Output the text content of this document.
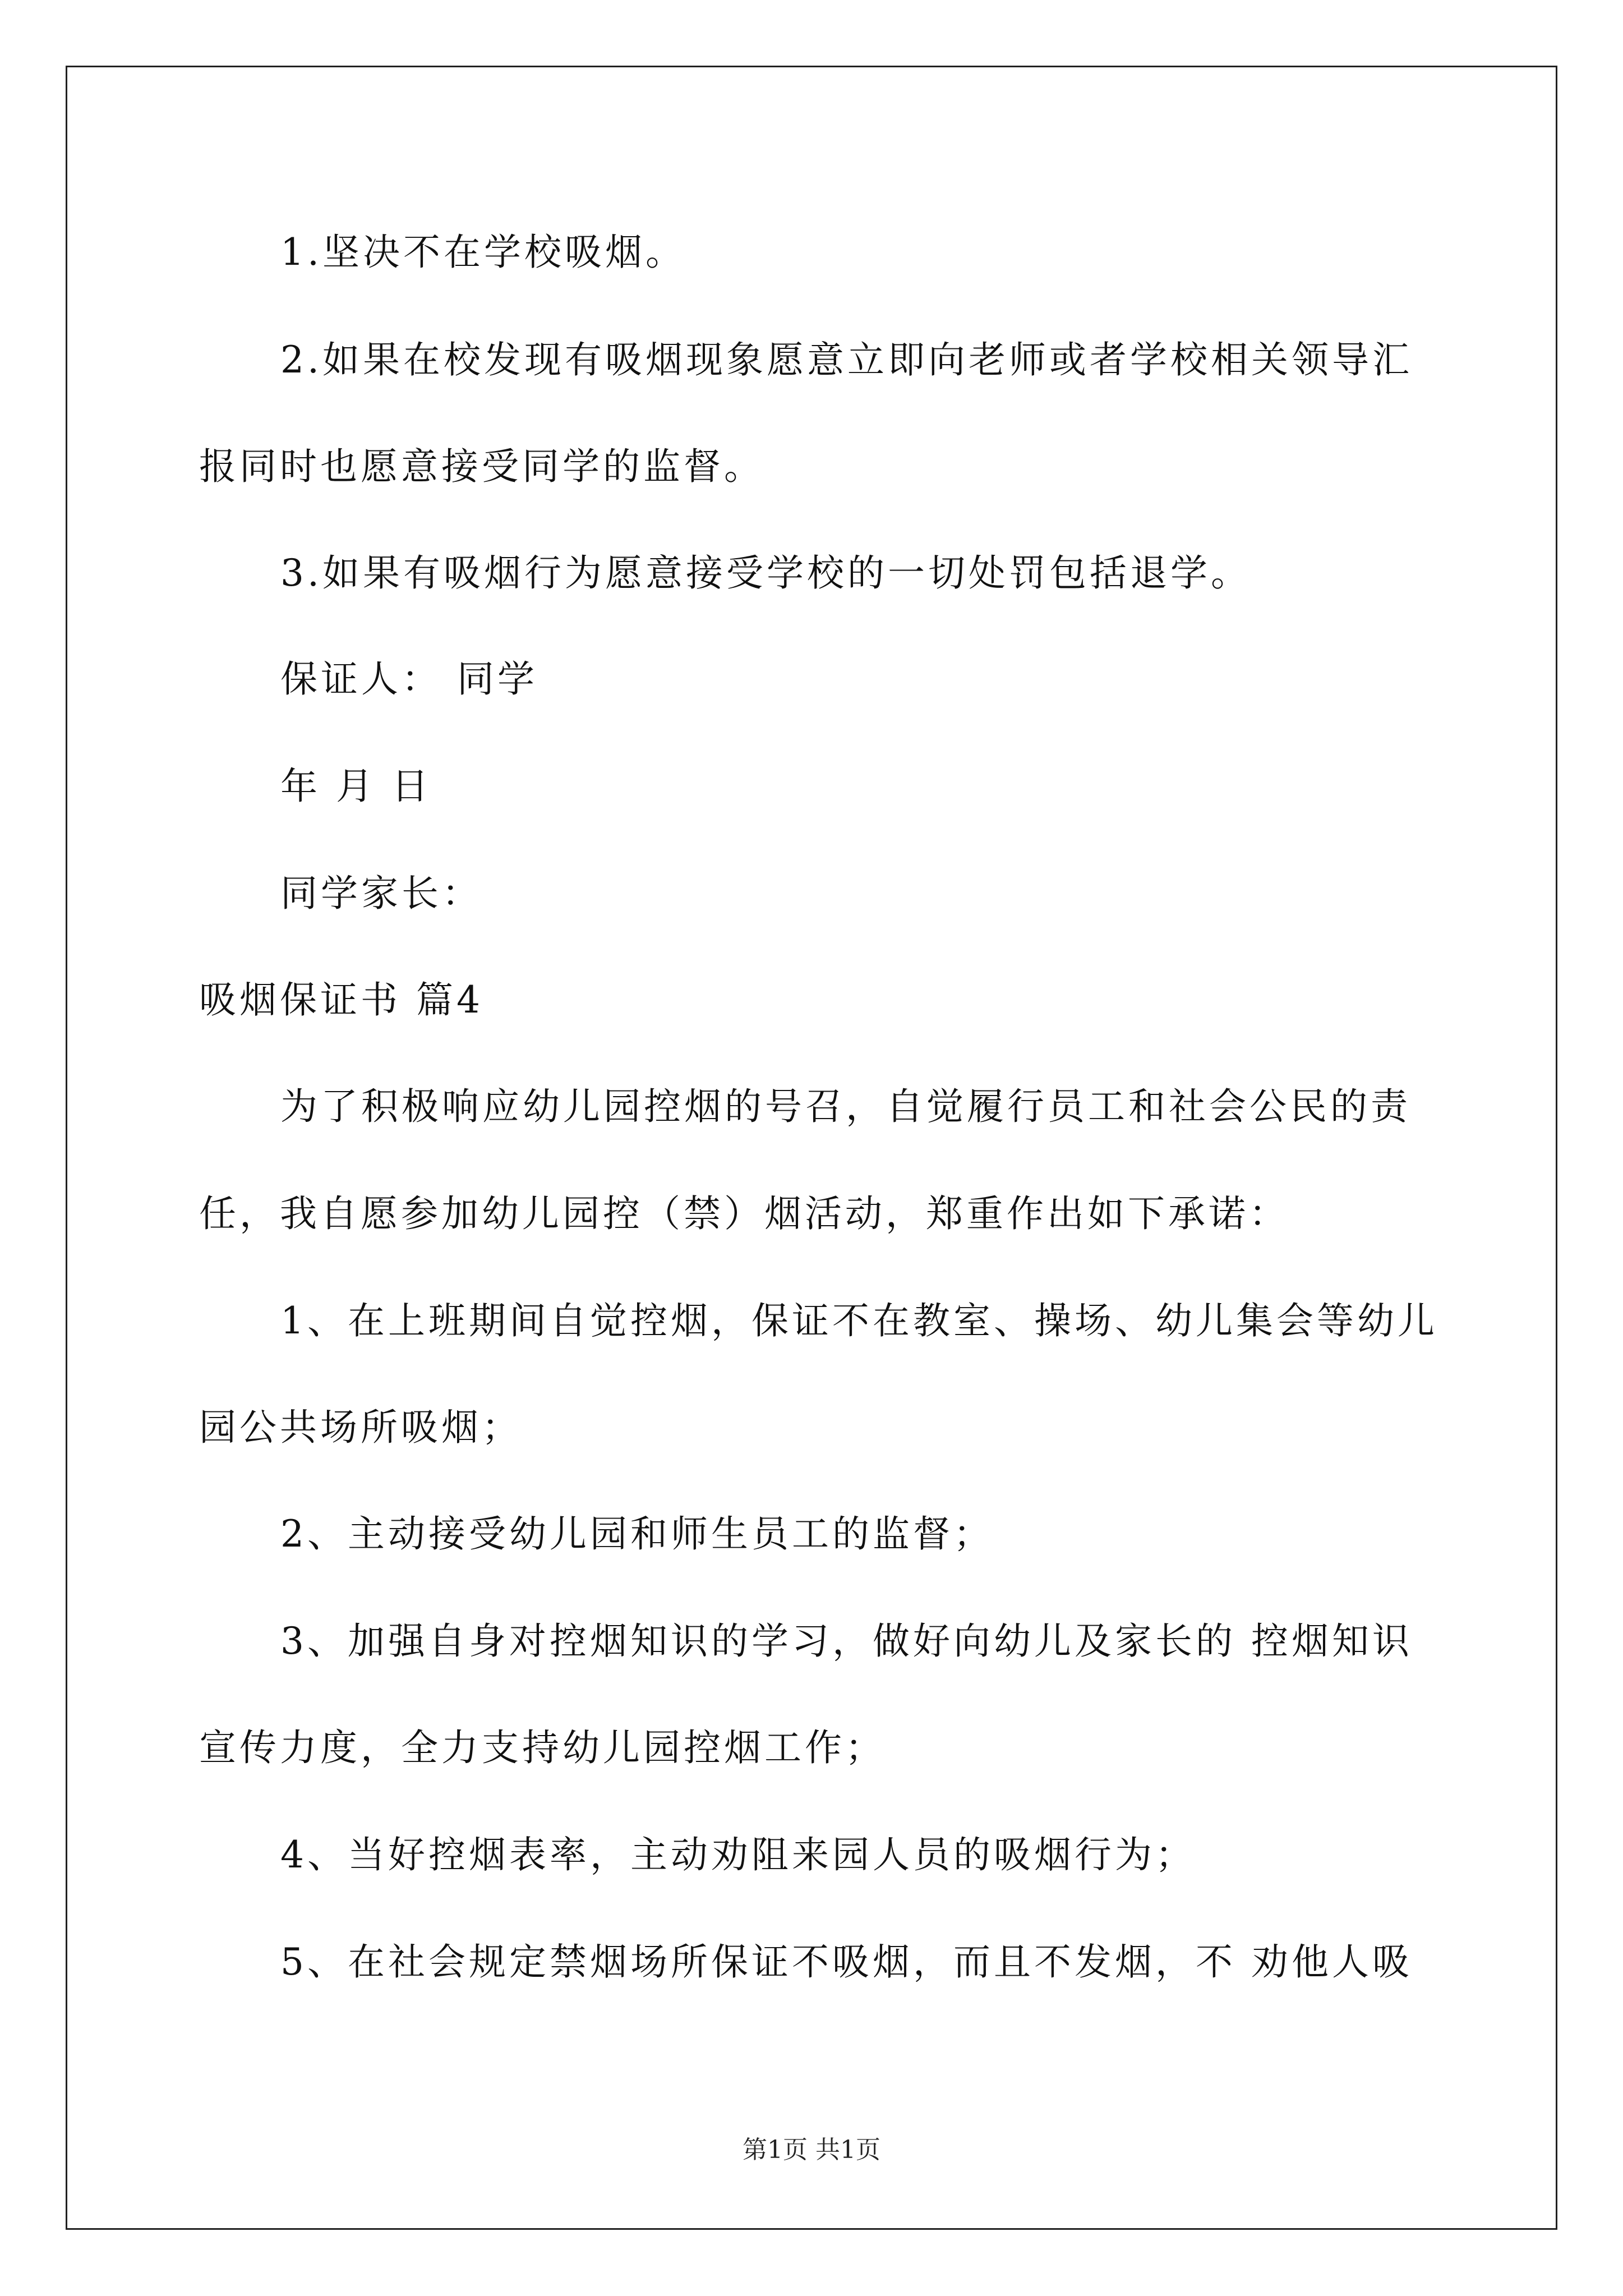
1.坚决不在学校吸烟。

2.如果在校发现有吸烟现象愿意立即向老师或者学校相关领导汇

报同时也愿意接受同学的监督。

3.如果有吸烟行为愿意接受学校的一切处罚包括退学。

保证人： 同学

年 月 日

同学家长：

吸烟保证书 篇4

为了积极响应幼儿园控烟的号召，自觉履行员工和社会公民的责

任，我自愿参加幼儿园控（禁）烟活动，郑重作出如下承诺：

1、在上班期间自觉控烟，保证不在教室、操场、幼儿集会等幼儿

园公共场所吸烟；

2、主动接受幼儿园和师生员工的监督；

3、加强自身对控烟知识的学习，做好向幼儿及家长的 控烟知识

宣传力度，全力支持幼儿园控烟工作；

4、当好控烟表率，主动劝阻来园人员的吸烟行为；

5、在社会规定禁烟场所保证不吸烟，而且不发烟，不 劝他人吸

第1页 共1页
